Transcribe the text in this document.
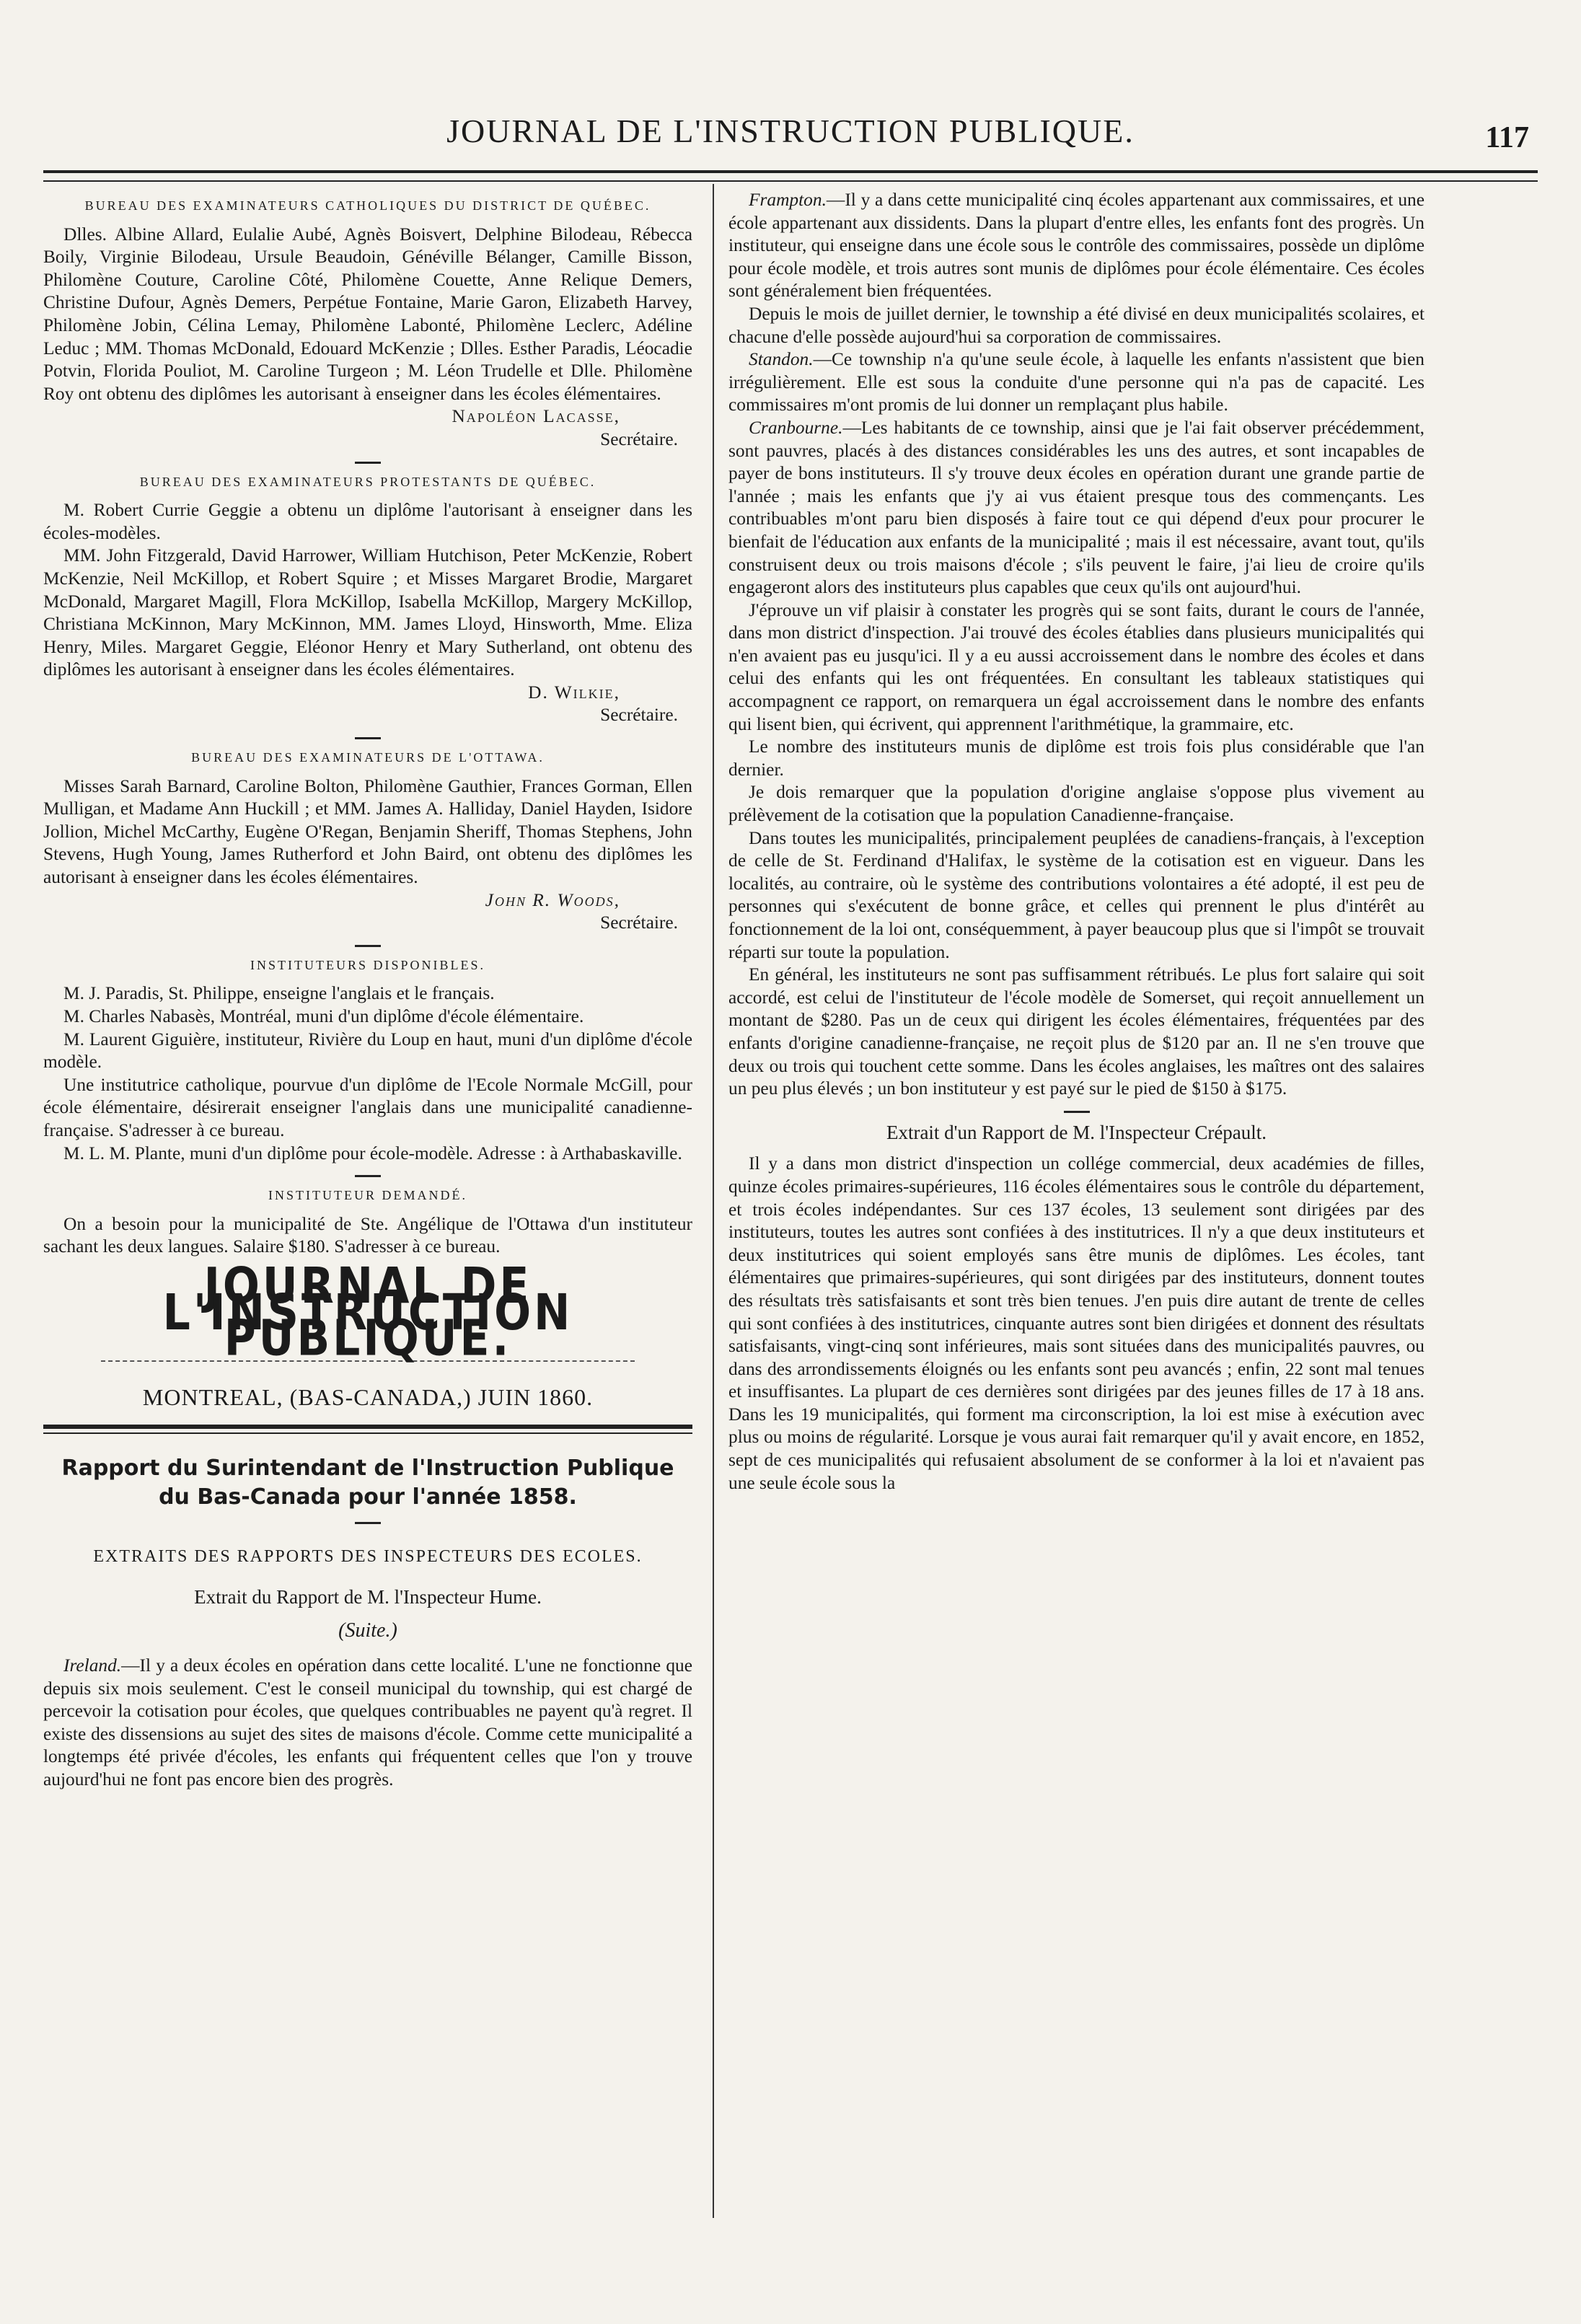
JOURNAL DE L'INSTRUCTION PUBLIQUE.	117
BUREAU DES EXAMINATEURS CATHOLIQUES DU DISTRICT DE QUÉBEC.

Dlles. Albine Allard, Eulalie Aubé, Agnès Boisvert, Delphine Bilodeau, Rébecca Boily, Virginie Bilodeau, Ursule Beaudoin, Généville Bélanger, Camille Bisson, Philomène Couture, Caroline Côté, Philomène Couette, Anne Relique Demers, Christine Dufour, Agnès Demers, Perpétue Fontaine, Marie Garon, Elizabeth Harvey, Philomène Jobin, Célina Lemay, Philomène Labonté, Philomène Leclerc, Adéline Leduc ; MM. Thomas McDonald, Edouard McKenzie ; Dlles. Esther Paradis, Léocadie Potvin, Florida Pouliot, M. Caroline Turgeon ; M. Léon Trudelle et Dlle. Philomène Roy ont obtenu des diplômes les autorisant à enseigner dans les écoles élémentaires.

Napoléon Lacasse,
Secrétaire.
BUREAU DES EXAMINATEURS PROTESTANTS DE QUÉBEC.

M. Robert Currie Geggie a obtenu un diplôme l'autorisant à enseigner dans les écoles-modèles.

MM. John Fitzgerald, David Harrower, William Hutchison, Peter McKenzie, Robert McKenzie, Neil McKillop, et Robert Squire ; et Misses Margaret Brodie, Margaret McDonald, Margaret Magill, Flora McKillop, Isabella McKillop, Margery McKillop, Christiana McKinnon, Mary McKinnon, MM. James Lloyd, Hinsworth, Mme. Eliza Henry, Miles. Margaret Geggie, Eléonor Henry et Mary Sutherland, ont obtenu des diplômes les autorisant à enseigner dans les écoles élémentaires.

D. Wilkie,
Secrétaire.
BUREAU DES EXAMINATEURS DE L'OTTAWA.

Misses Sarah Barnard, Caroline Bolton, Philomène Gauthier, Frances Gorman, Ellen Mulligan, et Madame Ann Huckill ; et MM. James A. Halliday, Daniel Hayden, Isidore Jollion, Michel McCarthy, Eugène O'Regan, Benjamin Sheriff, Thomas Stephens, John Stevens, Hugh Young, James Rutherford et John Baird, ont obtenu des diplômes les autorisant à enseigner dans les écoles élémentaires.

John R. Woods,
Secrétaire.
INSTITUTEURS DISPONIBLES.

M. J. Paradis, St. Philippe, enseigne l'anglais et le français.

M. Charles Nabasès, Montréal, muni d'un diplôme d'école élémentaire.

M. Laurent Giguière, instituteur, Rivière du Loup en haut, muni d'un diplôme d'école modèle.

Une institutrice catholique, pourvue d'un diplôme de l'Ecole Normale McGill, pour école élémentaire, désirerait enseigner l'anglais dans une municipalité canadienne-française. S'adresser à ce bureau.

M. L. M. Plante, muni d'un diplôme pour école-modèle. Adresse : à Arthabaskaville.

INSTITUTEUR DEMANDÉ.

On a besoin pour la municipalité de Ste. Angélique de l'Ottawa d'un instituteur sachant les deux langues. Salaire $180. S'adresser à ce bureau.

JOURNAL DE L'INSTRUCTION PUBLIQUE.
MONTREAL, (BAS-CANADA,) JUIN 1860.
Rapport du Surintendant de l'Instruction Publique du Bas-Canada pour l'année 1858.
EXTRAITS DES RAPPORTS DES INSPECTEURS DES ECOLES.
Extrait du Rapport de M. l'Inspecteur Hume.
(Suite.)

Ireland.—Il y a deux écoles en opération dans cette localité. L'une ne fonctionne que depuis six mois seulement. C'est le conseil municipal du township, qui est chargé de percevoir la cotisation pour écoles, que quelques contribuables ne payent qu'à regret. Il existe des dissensions au sujet des sites de maisons d'école. Comme cette municipalité a longtemps été privée d'écoles, les enfants qui fréquentent celles que l'on y trouve aujourd'hui ne font pas encore bien des progrès.

Frampton.—Il y a dans cette municipalité cinq écoles appartenant aux commissaires, et une école appartenant aux dissidents. Dans la plupart d'entre elles, les enfants font des progrès. Un instituteur, qui enseigne dans une école sous le contrôle des commissaires, possède un diplôme pour école modèle, et trois autres sont munis de diplômes pour école élémentaire. Ces écoles sont généralement bien fréquentées.

Depuis le mois de juillet dernier, le township a été divisé en deux municipalités scolaires, et chacune d'elle possède aujourd'hui sa corporation de commissaires.

Standon.—Ce township n'a qu'une seule école, à laquelle les enfants n'assistent que bien irrégulièrement. Elle est sous la conduite d'une personne qui n'a pas de capacité. Les commissaires m'ont promis de lui donner un remplaçant plus habile.

Cranbourne.—Les habitants de ce township, ainsi que je l'ai fait observer précédemment, sont pauvres, placés à des distances considérables les uns des autres, et sont incapables de payer de bons instituteurs. Il s'y trouve deux écoles en opération durant une grande partie de l'année ; mais les enfants que j'y ai vus étaient presque tous des commençants. Les contribuables m'ont paru bien disposés à faire tout ce qui dépend d'eux pour procurer le bienfait de l'éducation aux enfants de la municipalité ; mais il est nécessaire, avant tout, qu'ils construisent deux ou trois maisons d'école ; s'ils peuvent le faire, j'ai lieu de croire qu'ils engageront alors des instituteurs plus capables que ceux qu'ils ont aujourd'hui.

J'éprouve un vif plaisir à constater les progrès qui se sont faits, durant le cours de l'année, dans mon district d'inspection. J'ai trouvé des écoles établies dans plusieurs municipalités qui n'en avaient pas eu jusqu'ici. Il y a eu aussi accroissement dans le nombre des écoles et dans celui des enfants qui les ont fréquentées. En consultant les tableaux statistiques qui accompagnent ce rapport, on remarquera un égal accroissement dans le nombre des enfants qui lisent bien, qui écrivent, qui apprennent l'arithmétique, la grammaire, etc.

Le nombre des instituteurs munis de diplôme est trois fois plus considérable que l'an dernier.

Je dois remarquer que la population d'origine anglaise s'oppose plus vivement au prélèvement de la cotisation que la population Canadienne-française.

Dans toutes les municipalités, principalement peuplées de canadiens-français, à l'exception de celle de St. Ferdinand d'Halifax, le système de la cotisation est en vigueur. Dans les localités, au contraire, où le système des contributions volontaires a été adopté, il est peu de personnes qui s'exécutent de bonne grâce, et celles qui prennent le plus d'intérêt au fonctionnement de la loi ont, conséquemment, à payer beaucoup plus que si l'impôt se trouvait réparti sur toute la population.

En général, les instituteurs ne sont pas suffisamment rétribués. Le plus fort salaire qui soit accordé, est celui de l'instituteur de l'école modèle de Somerset, qui reçoit annuellement un montant de $280. Pas un de ceux qui dirigent les écoles élémentaires, fréquentées par des enfants d'origine canadienne-française, ne reçoit plus de $120 par an. Il ne s'en trouve que deux ou trois qui touchent cette somme. Dans les écoles anglaises, les maîtres ont des salaires un peu plus élevés ; un bon instituteur y est payé sur le pied de $150 à $175.

Extrait d'un Rapport de M. l'Inspecteur Crépault.

Il y a dans mon district d'inspection un collége commercial, deux académies de filles, quinze écoles primaires-supérieures, 116 écoles élémentaires sous le contrôle du département, et trois écoles indépendantes. Sur ces 137 écoles, 13 seulement sont dirigées par des instituteurs, toutes les autres sont confiées à des institutrices. Il n'y a que deux instituteurs et deux institutrices qui soient employés sans être munis de diplômes. Les écoles, tant élémentaires que primaires-supérieures, qui sont dirigées par des instituteurs, donnent toutes des résultats très satisfaisants et sont très bien tenues. J'en puis dire autant de trente de celles qui sont confiées à des institutrices, cinquante autres sont bien dirigées et donnent des résultats satisfaisants, vingt-cinq sont inférieures, mais sont situées dans des municipalités pauvres, ou dans des arrondissements éloignés ou les enfants sont peu avancés ; enfin, 22 sont mal tenues et insuffisantes. La plupart de ces dernières sont dirigées par des jeunes filles de 17 à 18 ans. Dans les 19 municipalités, qui forment ma circonscription, la loi est mise à exécution avec plus ou moins de régularité. Lorsque je vous aurai fait remarquer qu'il y avait encore, en 1852, sept de ces municipalités qui refusaient absolument de se conformer à la loi et n'avaient pas une seule école sous la
